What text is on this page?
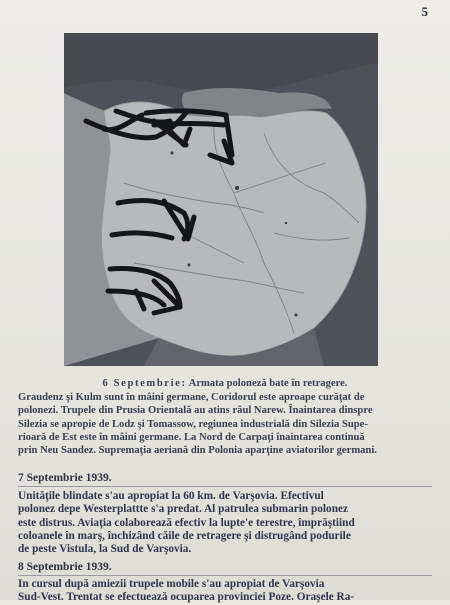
5

6 Septembrie: Armata poloneză bate în retragere.

Graudenz şi Kulm sunt în mâini germane, Coridorul este aproape curăţat de

polonezi. Trupele din Prusia Orientală au atins râul Narew. Înaintarea dinspre

Silezia se apropie de Lodz şi Tomassow, regiunea industrială din Silezia Supe-

rioară de Est este în mâini germane. La Nord de Carpaţi înaintarea continuă

prin Neu Sandez. Supremaţia aeriană din Polonia aparţine aviatorilor germani.

7 Septembrie 1939.
Unităţile blindate s'au apropiat la 60 km. de Varşovia. Efectivul
polonez depe Westerplattte s'a predat. Al patrulea submarin polonez
este distrus. Aviaţia colaborează efectiv la lupte'e terestre, împrăştiind
coloanele în marş, închizând căile de retragere şi distrugând podurile
de peste Vistula, la Sud de Varşovia.
8 Septembrie 1939.
In cursul după amiezii trupele mobile s'au apropiat de Varşovia
Sud-Vest. Trentat se efectuează ocuparea provinciei Poze. Oraşele Ra-
